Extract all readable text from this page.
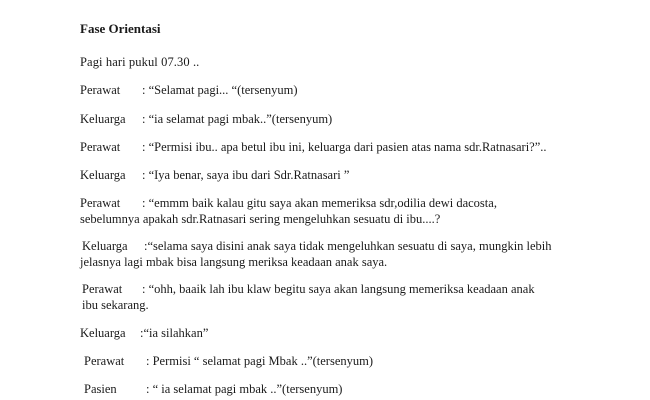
Fase Orientasi
Pagi hari pukul 07.30 ..
Perawat : “Selamat pagi... “(tersenyum)
Keluarga : “ia selamat pagi mbak..”(tersenyum)
Perawat : “Permisi ibu.. apa betul ibu ini, keluarga dari pasien atas nama sdr.Ratnasari?”..
Keluarga : “Iya benar, saya ibu dari Sdr.Ratnasari ”
Perawat : “emmm baik kalau gitu saya akan memeriksa sdr,odilia dewi dacosta,
sebelumnya apakah sdr.Ratnasari sering mengeluhkan sesuatu di ibu....?
Keluarga :“selama saya disini anak saya tidak mengeluhkan sesuatu di saya, mungkin lebih
jelasnya lagi mbak bisa langsung meriksa keadaan anak saya.
Perawat : “ohh, baaik lah ibu klaw begitu saya akan langsung memeriksa keadaan anak
ibu sekarang.
Keluarga :“ia silahkan”
Perawat : Permisi “ selamat pagi Mbak ..”(tersenyum)
Pasien : “ ia selamat pagi mbak ..”(tersenyum)
